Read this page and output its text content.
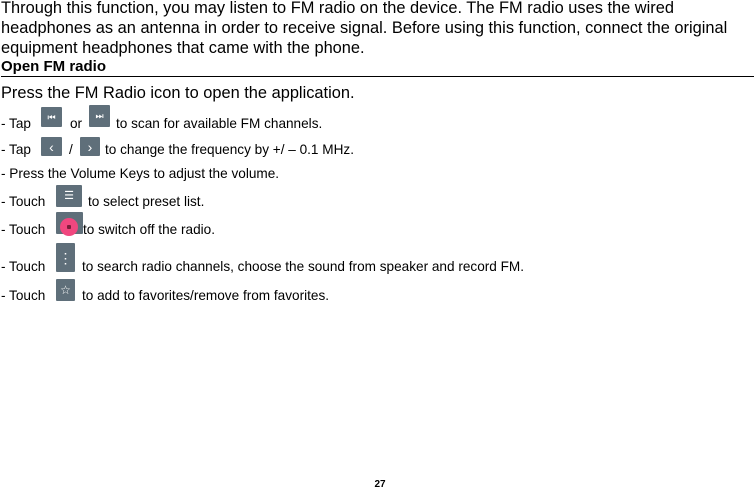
Through this function, you may listen to FM radio on the device. The FM radio uses the wired headphones as an antenna in order to receive signal. Before using this function, connect the original equipment headphones that came with the phone.

Open FM radio
Press the FM Radio icon to open the application.
- Tap	⏮	or
⏭
to scan for available FM channels.
- Tap	‹	/	› to change the frequency by +/ – 0.1 MHz.
- Press the Volume Keys to adjust the volume.
- Touch	☰	to select preset list.
- Touch	to switch off the radio.
- Touch
⋮
to search radio channels, choose the sound from speaker and record FM.
- Touch	☆ to add to favorites/remove from favorites.
27
